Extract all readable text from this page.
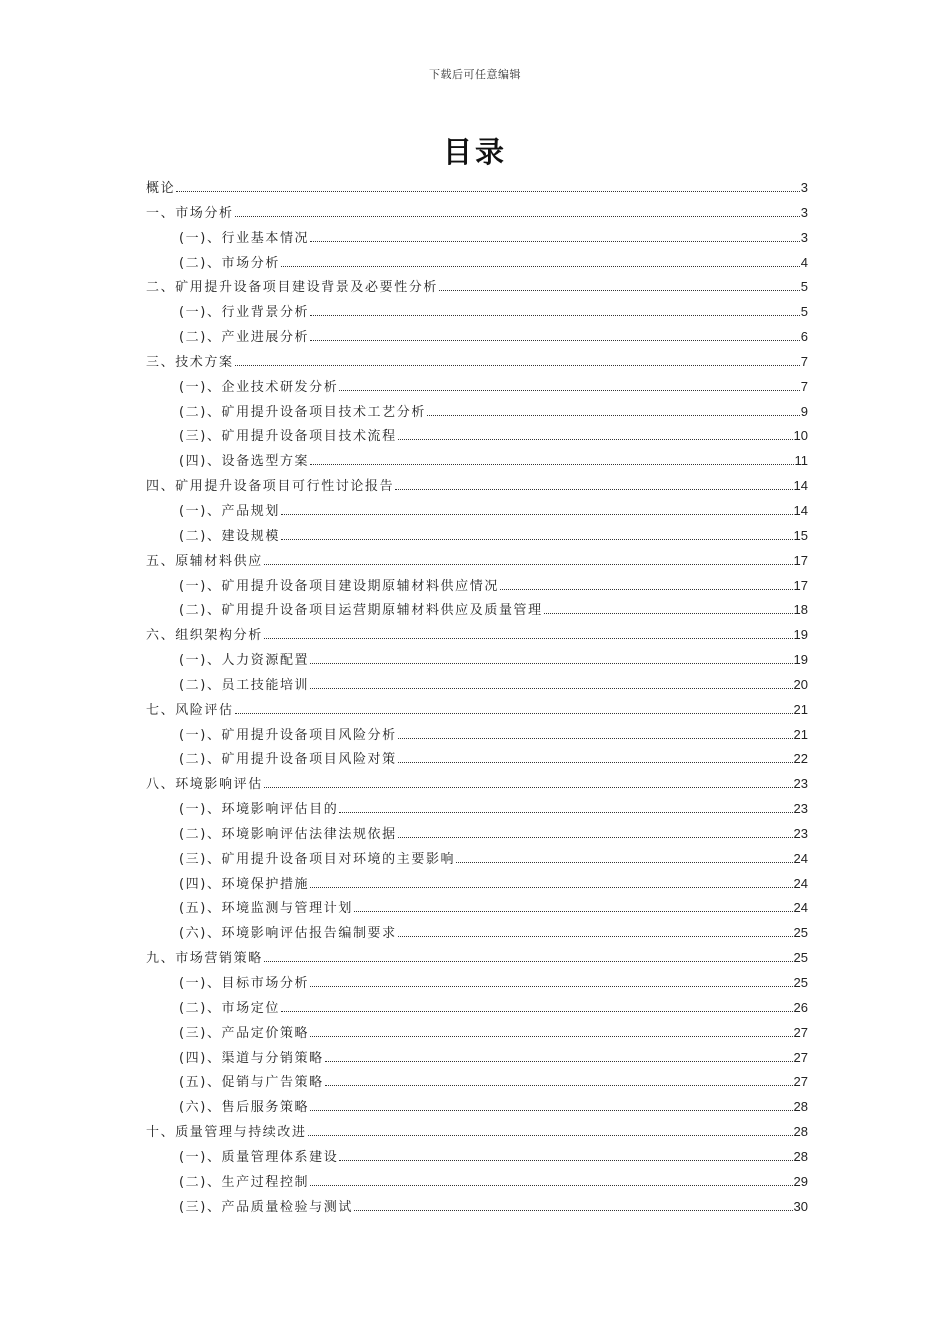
下载后可任意编辑
目录
概论	3
一、市场分析	3
(一)、行业基本情况	3
(二)、市场分析	4
二、矿用提升设备项目建设背景及必要性分析	5
(一)、行业背景分析	5
(二)、产业进展分析	6
三、技术方案	7
(一)、企业技术研发分析	7
(二)、矿用提升设备项目技术工艺分析	9
(三)、矿用提升设备项目技术流程	10
(四)、设备选型方案	11
四、矿用提升设备项目可行性讨论报告	14
(一)、产品规划	14
(二)、建设规模	15
五、原辅材料供应	17
(一)、矿用提升设备项目建设期原辅材料供应情况	17
(二)、矿用提升设备项目运营期原辅材料供应及质量管理	18
六、组织架构分析	19
(一)、人力资源配置	19
(二)、员工技能培训	20
七、风险评估	21
(一)、矿用提升设备项目风险分析	21
(二)、矿用提升设备项目风险对策	22
八、环境影响评估	23
(一)、环境影响评估目的	23
(二)、环境影响评估法律法规依据	23
(三)、矿用提升设备项目对环境的主要影响	24
(四)、环境保护措施	24
(五)、环境监测与管理计划	24
(六)、环境影响评估报告编制要求	25
九、市场营销策略	25
(一)、目标市场分析	25
(二)、市场定位	26
(三)、产品定价策略	27
(四)、渠道与分销策略	27
(五)、促销与广告策略	27
(六)、售后服务策略	28
十、质量管理与持续改进	28
(一)、质量管理体系建设	28
(二)、生产过程控制	29
(三)、产品质量检验与测试	30
